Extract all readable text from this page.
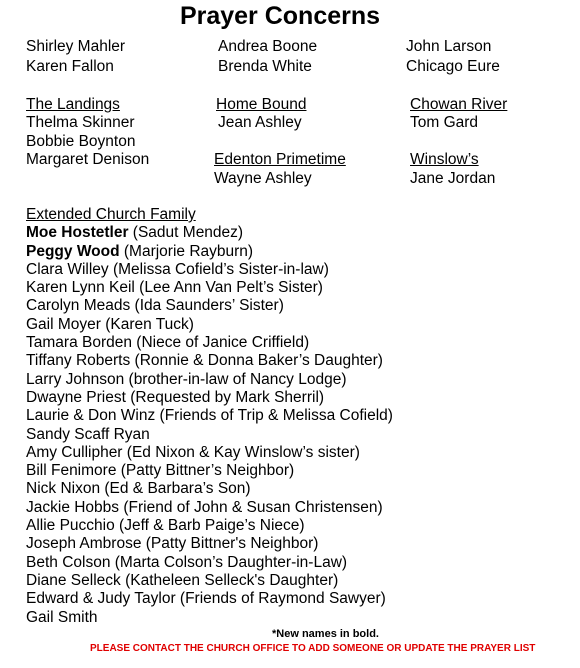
Prayer Concerns
Shirley Mahler	Andrea Boone	John Larson
Karen Fallon	Brenda White	Chicago Eure
The Landings
Thelma Skinner
Bobbie Boynton
Margaret Denison
Home Bound
Jean Ashley
Chowan River
Tom Gard
Edenton Primetime
Wayne Ashley
Winslow’s
Jane Jordan
Extended Church Family
Moe Hostetler (Sadut Mendez)
Peggy Wood (Marjorie Rayburn)
Clara Willey (Melissa Cofield’s Sister-in-law)
Karen Lynn Keil (Lee Ann Van Pelt’s Sister)
Carolyn Meads (Ida Saunders’ Sister)
Gail Moyer (Karen Tuck)
Tamara Borden (Niece of Janice Criffield)
Tiffany Roberts (Ronnie & Donna Baker’s Daughter)
Larry Johnson (brother-in-law of Nancy Lodge)
Dwayne Priest (Requested by Mark Sherril)
Laurie & Don Winz (Friends of Trip & Melissa Cofield)
Sandy Scaff Ryan
Amy Cullipher (Ed Nixon & Kay Winslow’s sister)
Bill Fenimore (Patty Bittner’s Neighbor)
Nick Nixon (Ed & Barbara’s Son)
Jackie Hobbs (Friend of John & Susan Christensen)
Allie Pucchio (Jeff & Barb Paige’s Niece)
Joseph Ambrose (Patty Bittner's Neighbor)
Beth Colson (Marta Colson’s Daughter-in-Law)
Diane Selleck (Katheleen Selleck's Daughter)
Edward & Judy Taylor (Friends of Raymond Sawyer)
Gail Smith
*New names in bold.
PLEASE CONTACT THE CHURCH OFFICE TO ADD SOMEONE OR UPDATE THE PRAYER LIST
